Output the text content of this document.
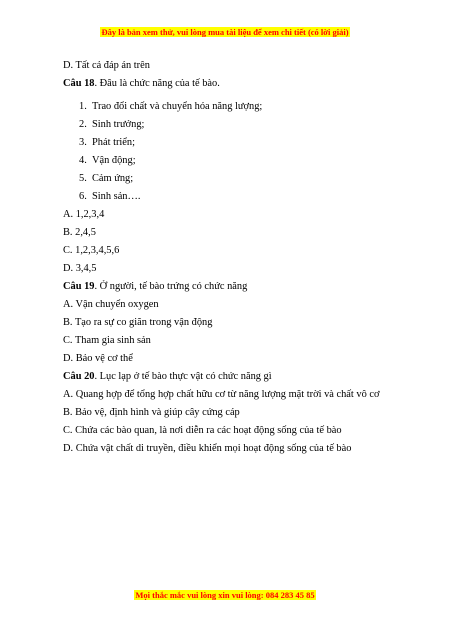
Đây là bản xem thử, vui lòng mua tài liệu để xem chi tiết (có lời giải)
D. Tất cả đáp án trên
Câu 18. Đâu là chức năng của tế bào.
1. Trao đổi chất và chuyển hóa năng lượng;
2. Sinh trưởng;
3. Phát triển;
4. Vận động;
5. Cảm ứng;
6. Sinh sản….
A. 1,2,3,4
B. 2,4,5
C. 1,2,3,4,5,6
D. 3,4,5
Câu 19. Ở người, tế bào trứng có chức năng
A. Vận chuyển oxygen
B. Tạo ra sự co giãn trong vận động
C. Tham gia sinh sản
D. Bảo vệ cơ thể
Câu 20. Lục lạp ở tế bào thực vật có chức năng gì
A. Quang hợp để tổng hợp chất hữu cơ từ năng lượng mặt trời và chất vô cơ
B. Bảo vệ, định hình và giúp cây cứng cáp
C. Chứa các bào quan, là nơi diễn ra các hoạt động sống của tế bào
D. Chứa vật chất di truyền, điều khiển mọi hoạt động sống của tế bào
Mọi thắc mắc vui lòng xin vui lòng: 084 283 45 85
